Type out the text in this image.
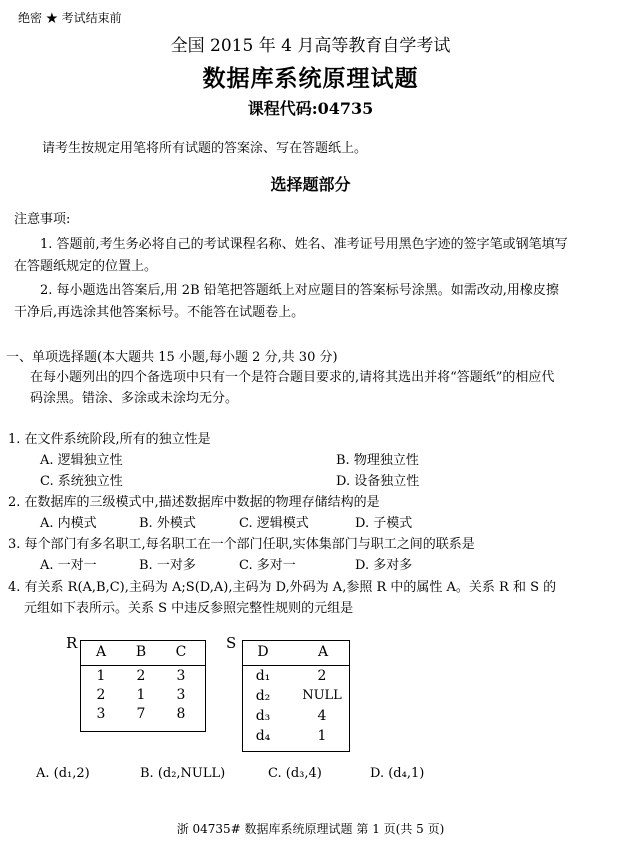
绝密 ★ 考试结束前
全国 2015 年 4 月高等教育自学考试
数据库系统原理试题
课程代码:04735
请考生按规定用笔将所有试题的答案涂、写在答题纸上。
选择题部分
注意事项:
1. 答题前,考生务必将自己的考试课程名称、姓名、准考证号用黑色字迹的签字笔或钢笔填写
在答题纸规定的位置上。
2. 每小题选出答案后,用 2B 铅笔把答题纸上对应题目的答案标号涂黑。如需改动,用橡皮擦
干净后,再选涂其他答案标号。不能答在试题卷上。
一、单项选择题(本大题共 15 小题,每小题 2 分,共 30 分)
在每小题列出的四个备选项中只有一个是符合题目要求的,请将其选出并将“答题纸”的相应代
码涂黑。错涂、多涂或未涂均无分。
1. 在文件系统阶段,所有的独立性是
A. 逻辑独立性	B. 物理独立性
C. 系统独立性	D. 设备独立性
2. 在数据库的三级模式中,描述数据库中数据的物理存储结构的是
A. 内模式	B. 外模式	C. 逻辑模式	D. 子模式
3. 每个部门有多名职工,每名职工在一个部门任职,实体集部门与职工之间的联系是
A. 一对一	B. 一对多	C. 多对一	D. 多对多
4. 有关系 R(A,B,C),主码为 A;S(D,A),主码为 D,外码为 A,参照 R 中的属性 A。关系 R 和 S 的
元组如下表所示。关系 S 中违反参照完整性规则的元组是
R	A	B	C
1	2	3
2	1	3
3	7	8
S	D	A
d₁	2
d₂	NULL
d₃	4
d₄	1
A. (d₁,2)	B. (d₂,NULL)	C. (d₃,4)	D. (d₄,1)
浙 04735# 数据库系统原理试题 第 1 页(共 5 页)
